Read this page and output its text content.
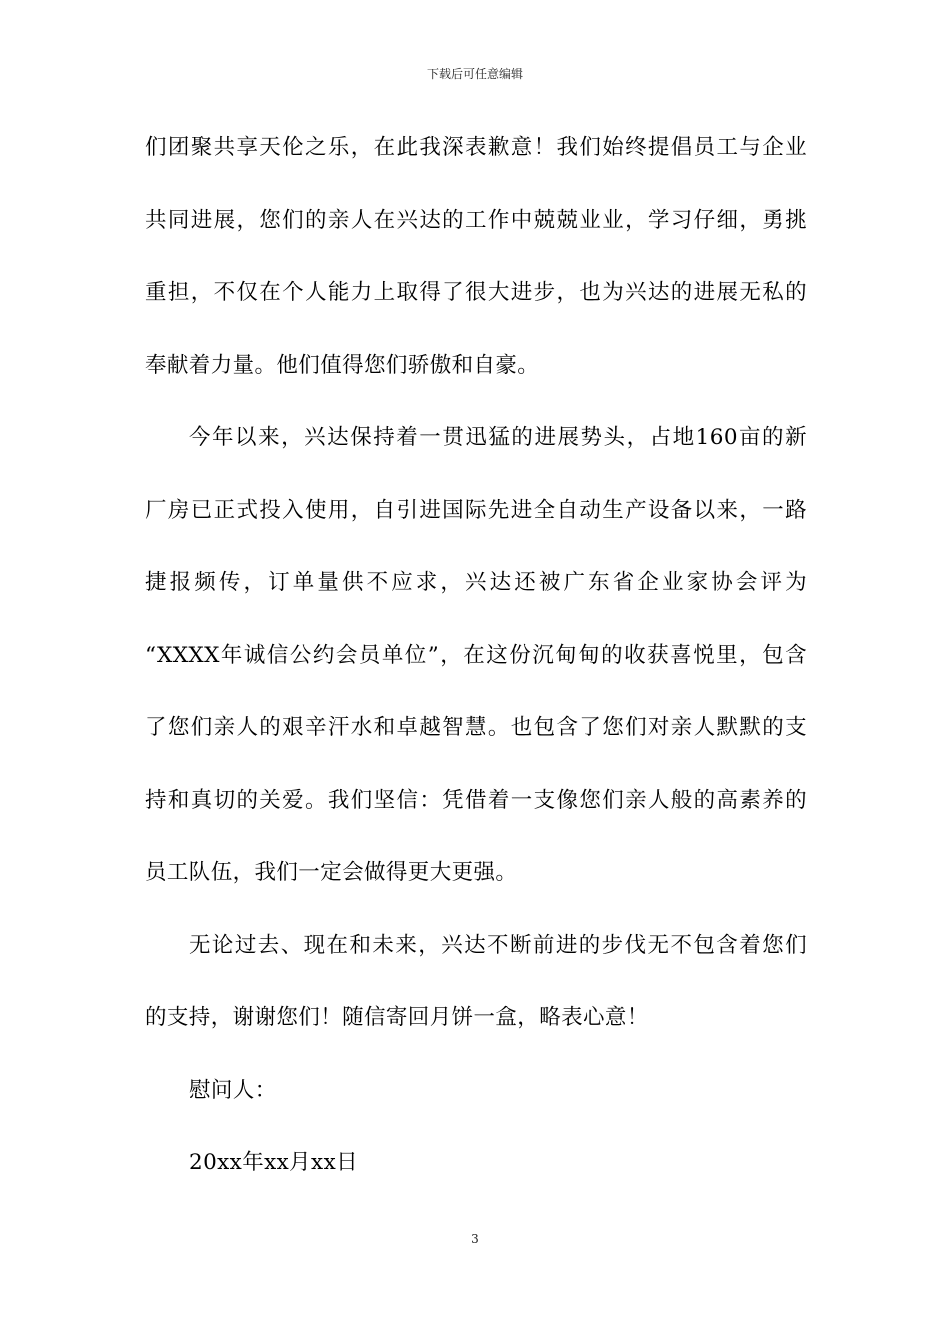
下载后可任意编辑
们团聚共享天伦之乐，在此我深表歉意！我们始终提倡员工与企业
共同进展，您们的亲人在兴达的工作中兢兢业业，学习仔细，勇挑
重担，不仅在个人能力上取得了很大进步，也为兴达的进展无私的
奉献着力量。他们值得您们骄傲和自豪。
今年以来，兴达保持着一贯迅猛的进展势头，占地160亩的新
厂房已正式投入使用，自引进国际先进全自动生产设备以来，一路
捷报频传，订单量供不应求，兴达还被广东省企业家协会评为
“XXXX年诚信公约会员单位”，在这份沉甸甸的收获喜悦里，包含
了您们亲人的艰辛汗水和卓越智慧。也包含了您们对亲人默默的支
持和真切的关爱。我们坚信：凭借着一支像您们亲人般的高素养的
员工队伍，我们一定会做得更大更强。
无论过去、现在和未来，兴达不断前进的步伐无不包含着您们
的支持，谢谢您们！随信寄回月饼一盒，略表心意！
慰问人：
20xx年xx月xx日
3
